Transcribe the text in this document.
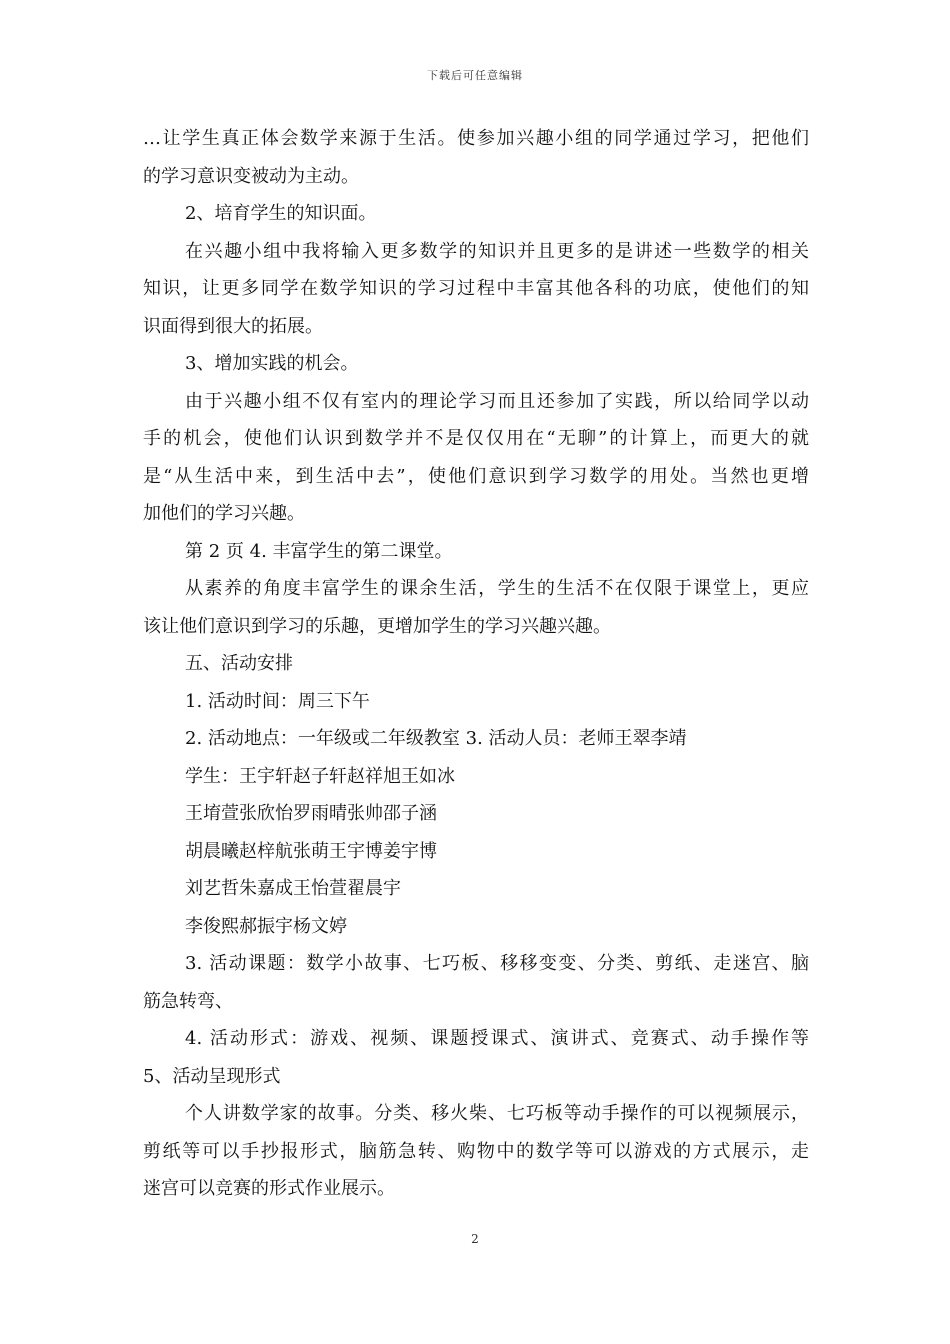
下载后可任意编辑
…让学生真正体会数学来源于生活。使参加兴趣小组的同学通过学习，把他们
的学习意识变被动为主动。
2、培育学生的知识面。
在兴趣小组中我将输入更多数学的知识并且更多的是讲述一些数学的相关
知识，让更多同学在数学知识的学习过程中丰富其他各科的功底，使他们的知
识面得到很大的拓展。
3、增加实践的机会。
由于兴趣小组不仅有室内的理论学习而且还参加了实践，所以给同学以动
手的机会，使他们认识到数学并不是仅仅用在“无聊”的计算上，而更大的就
是“从生活中来，到生活中去”，使他们意识到学习数学的用处。当然也更增
加他们的学习兴趣。
第 2 页 4. 丰富学生的第二课堂。
从素养的角度丰富学生的课余生活，学生的生活不在仅限于课堂上，更应
该让他们意识到学习的乐趣，更增加学生的学习兴趣兴趣。
五、活动安排
1. 活动时间：周三下午
2. 活动地点：一年级或二年级教室 3. 活动人员：老师王翠李靖
学生：王宇轩赵子轩赵祥旭王如冰
王堉萱张欣怡罗雨晴张帅邵子涵
胡晨曦赵梓航张萌王宇博姜宇博
刘艺哲朱嘉成王怡萱翟晨宇
李俊熙郝振宇杨文婷
3. 活动课题：数学小故事、七巧板、移移变变、分类、剪纸、走迷宫、脑
筋急转弯、
4. 活动形式：游戏、视频、课题授课式、演讲式、竞赛式、动手操作等
5、活动呈现形式
个人讲数学家的故事。分类、移火柴、七巧板等动手操作的可以视频展示，
剪纸等可以手抄报形式，脑筋急转、购物中的数学等可以游戏的方式展示，走
迷宫可以竞赛的形式作业展示。
2
